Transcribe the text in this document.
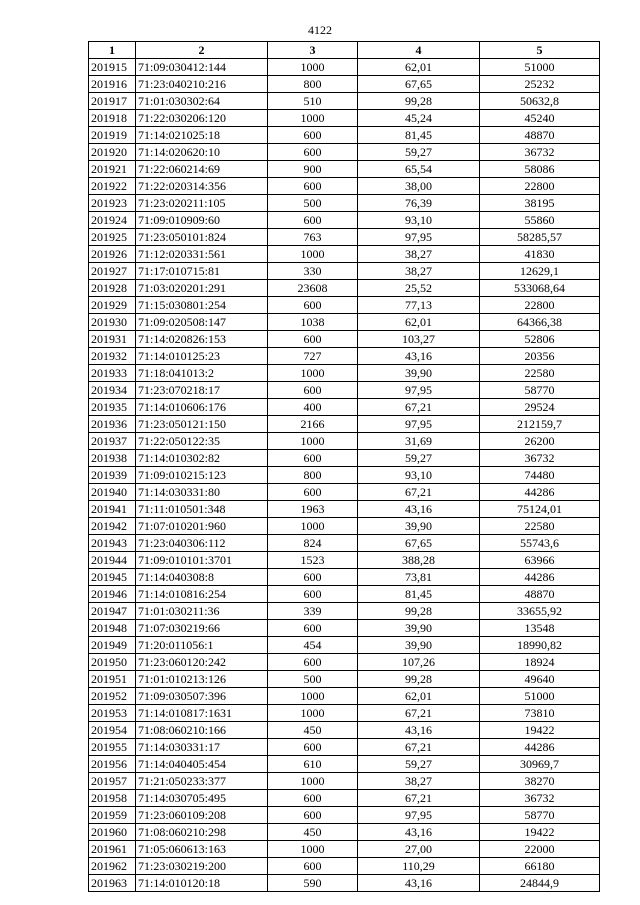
4122
1	2	3	4	5
201915	71:09:030412:144	1000	62,01	51000
201916	71:23:040210:216	800	67,65	25232
201917	71:01:030302:64	510	99,28	50632,8
201918	71:22:030206:120	1000	45,24	45240
201919	71:14:021025:18	600	81,45	48870
201920	71:14:020620:10	600	59,27	36732
201921	71:22:060214:69	900	65,54	58086
201922	71:22:020314:356	600	38,00	22800
201923	71:23:020211:105	500	76,39	38195
201924	71:09:010909:60	600	93,10	55860
201925	71:23:050101:824	763	97,95	58285,57
201926	71:12:020331:561	1000	38,27	41830
201927	71:17:010715:81	330	38,27	12629,1
201928	71:03:020201:291	23608	25,52	533068,64
201929	71:15:030801:254	600	77,13	22800
201930	71:09:020508:147	1038	62,01	64366,38
201931	71:14:020826:153	600	103,27	52806
201932	71:14:010125:23	727	43,16	20356
201933	71:18:041013:2	1000	39,90	22580
201934	71:23:070218:17	600	97,95	58770
201935	71:14:010606:176	400	67,21	29524
201936	71:23:050121:150	2166	97,95	212159,7
201937	71:22:050122:35	1000	31,69	26200
201938	71:14:010302:82	600	59,27	36732
201939	71:09:010215:123	800	93,10	74480
201940	71:14:030331:80	600	67,21	44286
201941	71:11:010501:348	1963	43,16	75124,01
201942	71:07:010201:960	1000	39,90	22580
201943	71:23:040306:112	824	67,65	55743,6
201944	71:09:010101:3701	1523	388,28	63966
201945	71:14:040308:8	600	73,81	44286
201946	71:14:010816:254	600	81,45	48870
201947	71:01:030211:36	339	99,28	33655,92
201948	71:07:030219:66	600	39,90	13548
201949	71:20:011056:1	454	39,90	18990,82
201950	71:23:060120:242	600	107,26	18924
201951	71:01:010213:126	500	99,28	49640
201952	71:09:030507:396	1000	62,01	51000
201953	71:14:010817:1631	1000	67,21	73810
201954	71:08:060210:166	450	43,16	19422
201955	71:14:030331:17	600	67,21	44286
201956	71:14:040405:454	610	59,27	30969,7
201957	71:21:050233:377	1000	38,27	38270
201958	71:14:030705:495	600	67,21	36732
201959	71:23:060109:208	600	97,95	58770
201960	71:08:060210:298	450	43,16	19422
201961	71:05:060613:163	1000	27,00	22000
201962	71:23:030219:200	600	110,29	66180
201963	71:14:010120:18	590	43,16	24844,9
